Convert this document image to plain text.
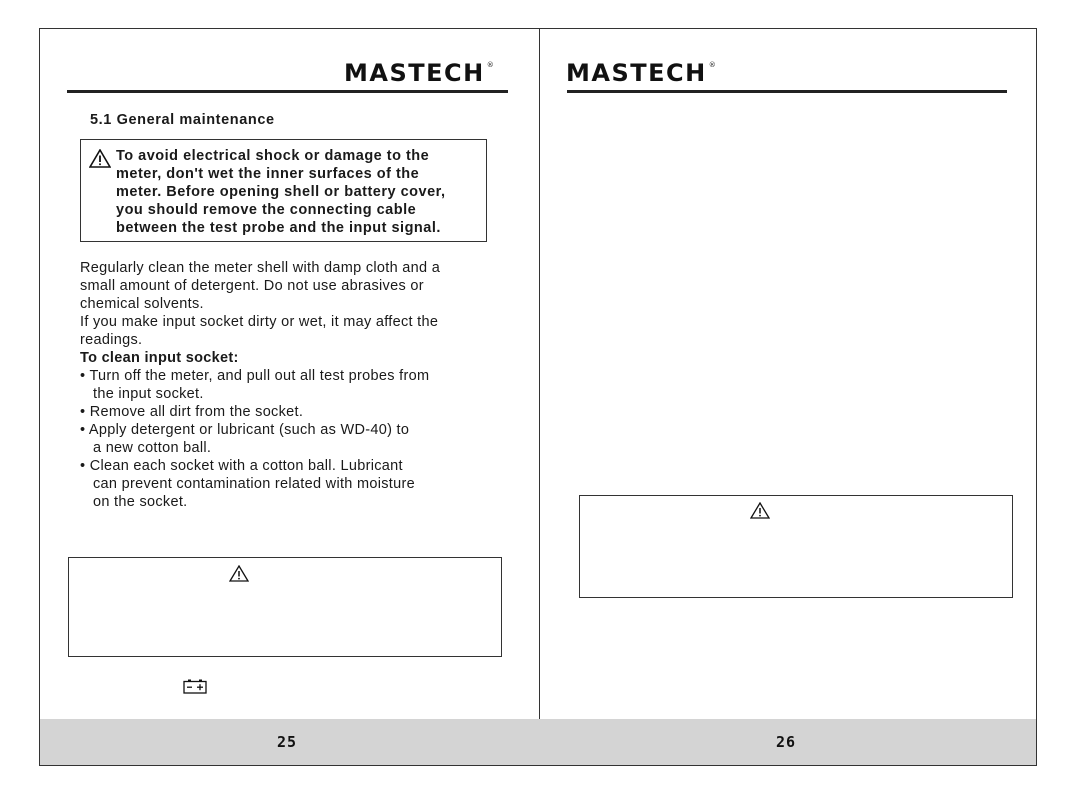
MASTECH ®
5.1 General maintenance
To avoid electrical shock or damage to the
meter, don't wet the inner surfaces of the
meter. Before opening shell or battery cover,
you should remove the connecting cable
between the test probe and the input signal.
Regularly clean the meter shell with damp cloth and a
small amount of detergent. Do not use abrasives or
chemical solvents.
If you make input socket dirty or wet, it may affect the
readings.
To clean input socket:
• Turn off the meter, and pull out all test probes from
the input socket.
• Remove all dirt from the socket.
• Apply detergent or lubricant (such as WD-40) to
a new cotton ball.
• Clean each socket with a cotton ball. Lubricant
can prevent contamination related with moisture
on the socket.
MASTECH ®
25	26
